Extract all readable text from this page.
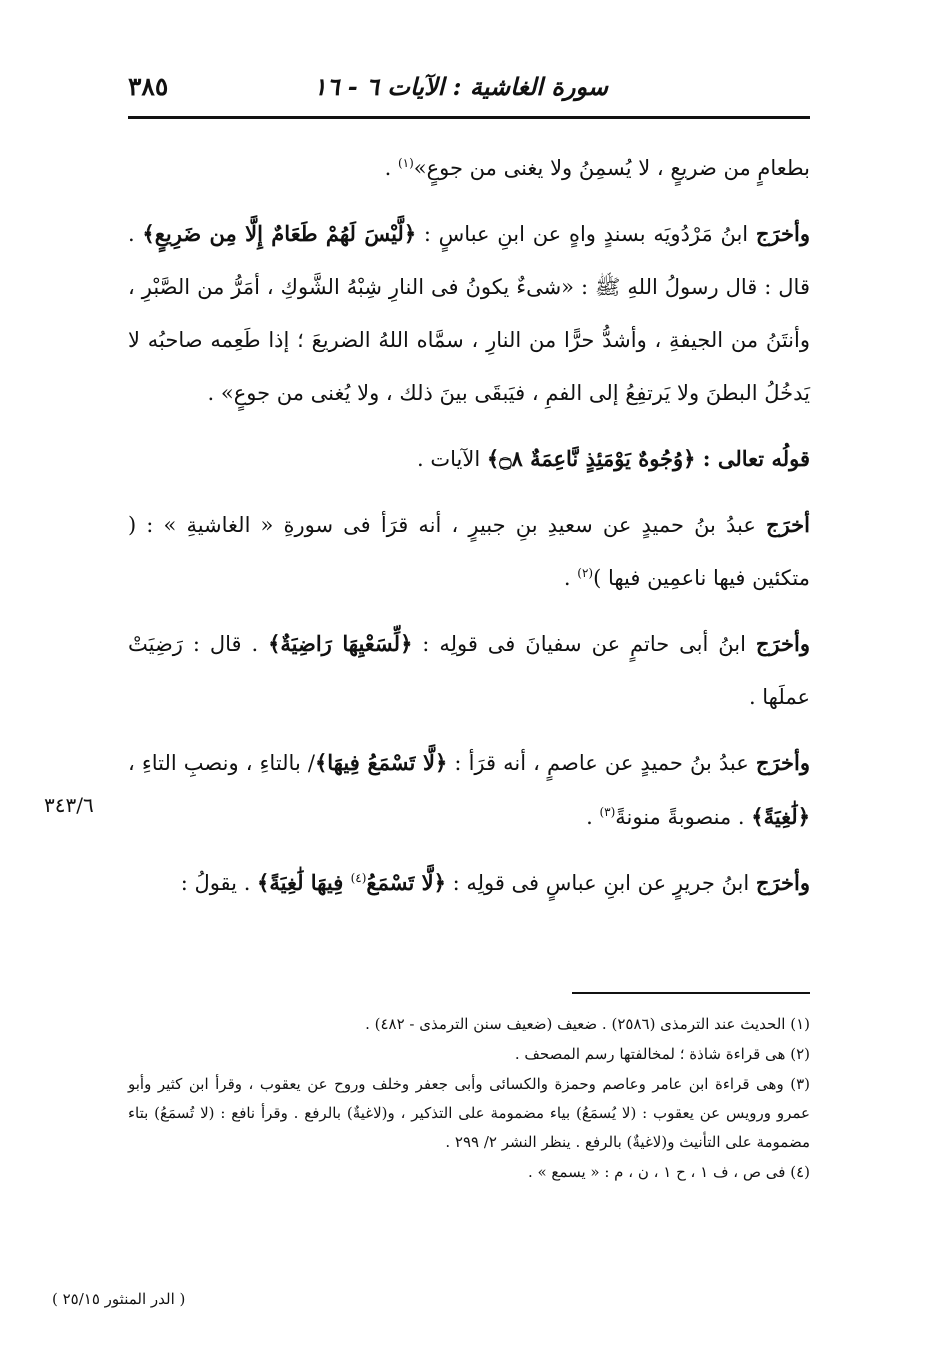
٣٨٥	سورة الغاشية : الآيات ٦ - ١٦

بطعامٍ من ضريعٍ ، لا يُسمِنُ ولا يغنى من جوعٍ»$^{(١)}$ .

وأخرَج ابنُ مَرْدُويَه بسندٍ واهٍ عن ابنِ عباسٍ : ﴿لَّيْسَ لَهُمْ طَعَامٌ إِلَّا مِن ضَرِيعٍ﴾ . قال : قال رسولُ اللهِ ﷺ : «شىءٌ يكونُ فى النارِ شِبْهُ الشَّوكِ ، أمَرُّ من الصَّبْرِ ، وأنتَنُ من الجيفةِ ، وأشدُّ حرًّا من النارِ ، سمَّاه اللهُ الضريعَ ؛ إذا طَعِمه صاحبُه لا يَدخُلُ البطنَ ولا يَرتفِعُ إلى الفمِ ، فيَبقَى بينَ ذلك ، ولا يُغنى من جوعٍ» .

قولُه تعالى : ﴿وُجُوهٌ يَوْمَئِذٍ نَّاعِمَةٌ ۝٨﴾ الآيات .

أخرَج عبدُ بنُ حميدٍ عن سعيدِ بنِ جبيرٍ ، أنه قرَأ فى سورةِ « الغاشيةِ » : ( متكئين فيها ناعمِين فيها )$^{(٢)}$ .

وأخرَج ابنُ أبى حاتمٍ عن سفيانَ فى قولِه : ﴿لِّسَعْيِهَا رَاضِيَةٌ﴾ . قال : رَضِيَتْ عملَها .

وأخرَج عبدُ بنُ حميدٍ عن عاصمٍ ، أنه قرَأ : ﴿لَّا تَسْمَعُ فِيهَا﴾/ بالتاءِ ، ونصبِ التاءِ ، ﴿لَٰغِيَةً﴾ . منصوبةً منونةً$^{(٣)}$ .

وأخرَج ابنُ جريرٍ عن ابنِ عباسٍ فى قولِه : ﴿لَّا تَسْمَعُ$^{(٤)}$ فِيهَا لَٰغِيَةً﴾ . يقولُ :

٣٤٣/٦

(١) الحديث عند الترمذى (٢٥٨٦) . ضعيف (ضعيف سنن الترمذى - ٤٨٢) .

(٢) هى قراءة شاذة ؛ لمخالفتها رسم المصحف .

(٣) وهى قراءة ابن عامر وعاصم وحمزة والكسائى وأبى جعفر وخلف وروح عن يعقوب ، وقرأ ابن كثير وأبو عمرو ورويس عن يعقوب : (لا يُسمَعُ) بياء مضمومة على التذكير ، و(لاغيةٌ) بالرفع . وقرأ نافع : (لا تُسمَعُ) بتاء مضمومة على التأنيث و(لاغيةٌ) بالرفع . ينظر النشر ٢/ ٢٩٩ .

(٤) فى ص ، ف ١ ، ح ١ ، ن ، م : « يسمع » .

( الدر المنثور ٢٥/١٥ )
